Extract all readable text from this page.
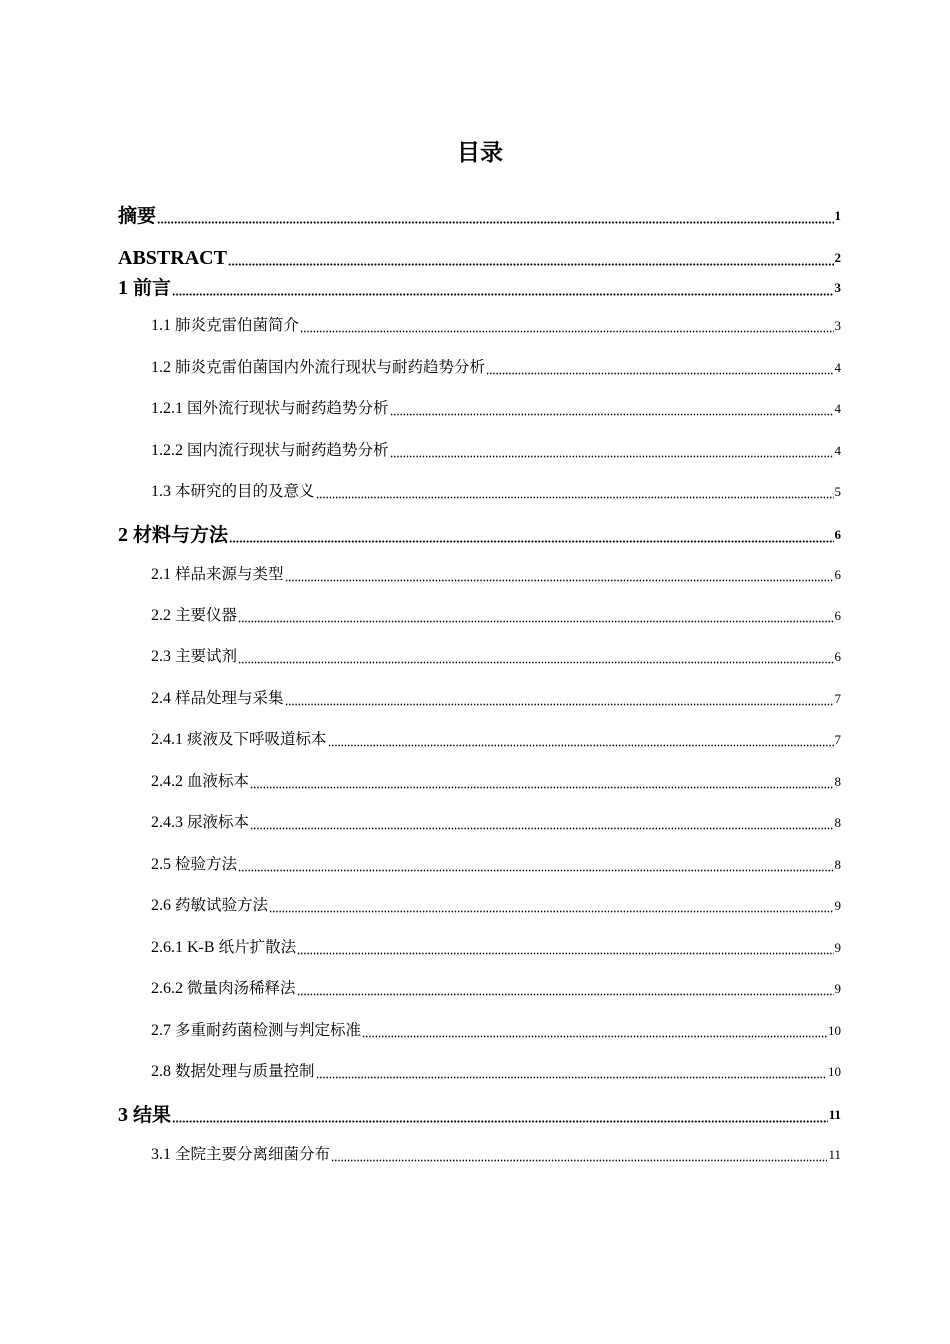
目录
摘要	1
ABSTRACT	2
1 前言	3
1.1 肺炎克雷伯菌简介	3
1.2 肺炎克雷伯菌国内外流行现状与耐药趋势分析	4
1.2.1 国外流行现状与耐药趋势分析	4
1.2.2 国内流行现状与耐药趋势分析	4
1.3 本研究的目的及意义	5
2 材料与方法	6
2.1 样品来源与类型	6
2.2 主要仪器	6
2.3 主要试剂	6
2.4 样品处理与采集	7
2.4.1 痰液及下呼吸道标本	7
2.4.2 血液标本	8
2.4.3 尿液标本	8
2.5 检验方法	8
2.6 药敏试验方法	9
2.6.1 K-B 纸片扩散法	9
2.6.2 微量肉汤稀释法	9
2.7 多重耐药菌检测与判定标准	10
2.8 数据处理与质量控制	10
3 结果	11
3.1 全院主要分离细菌分布	11
